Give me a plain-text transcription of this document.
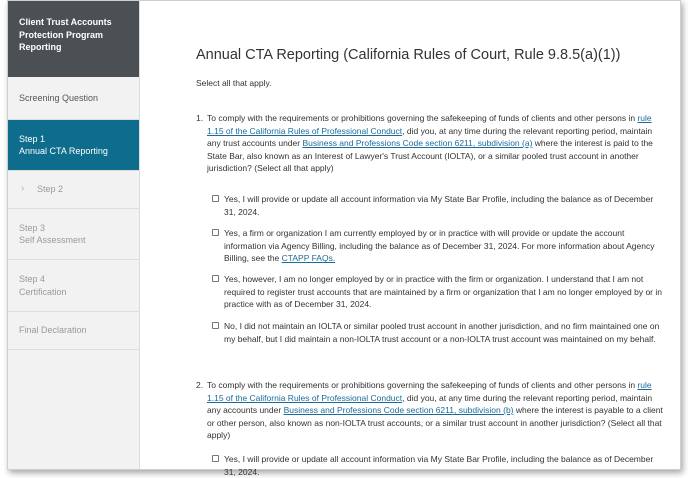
Client Trust Accounts
Protection Program
Reporting
Screening Question
Step 1
Annual CTA Reporting
›	Step 2
Step 3
Self Assessment
Step 4
Certification
Final Declaration
Annual CTA Reporting (California Rules of Court, Rule 9.8.5(a)(1))
Select all that apply.
1. To comply with the requirements or prohibitions governing the safekeeping of funds of clients and other persons in rule 1.15 of the California Rules of Professional Conduct, did you, at any time during the relevant reporting period, maintain any trust accounts under Business and Professions Code section 6211, subdivision (a) where the interest is paid to the State Bar, also known as an Interest of Lawyer's Trust Account (IOLTA), or a similar pooled trust account in another jurisdiction? (Select all that apply)
Yes, I will provide or update all account information via My State Bar Profile, including the balance as of December 31, 2024.
Yes, a firm or organization I am currently employed by or in practice with will provide or update the account information via Agency Billing, including the balance as of December 31, 2024. For more information about Agency Billing, see the CTAPP FAQs.
Yes, however, I am no longer employed by or in practice with the firm or organization. I understand that I am not required to register trust accounts that are maintained by a firm or organization that I am no longer employed by or in practice with as of December 31, 2024.
No, I did not maintain an IOLTA or similar pooled trust account in another jurisdiction, and no firm maintained one on my behalf, but I did maintain a non-IOLTA trust account or a non-IOLTA trust account was maintained on my behalf.
2. To comply with the requirements or prohibitions governing the safekeeping of funds of clients and other persons in rule 1.15 of the California Rules of Professional Conduct, did you, at any time during the relevant reporting period, maintain any accounts under Business and Professions Code section 6211, subdivision (b) where the interest is payable to a client or other person, also known as non-IOLTA trust accounts, or a similar trust account in another jurisdiction? (Select all that apply)
Yes, I will provide or update all account information via My State Bar Profile, including the balance as of December 31, 2024.
